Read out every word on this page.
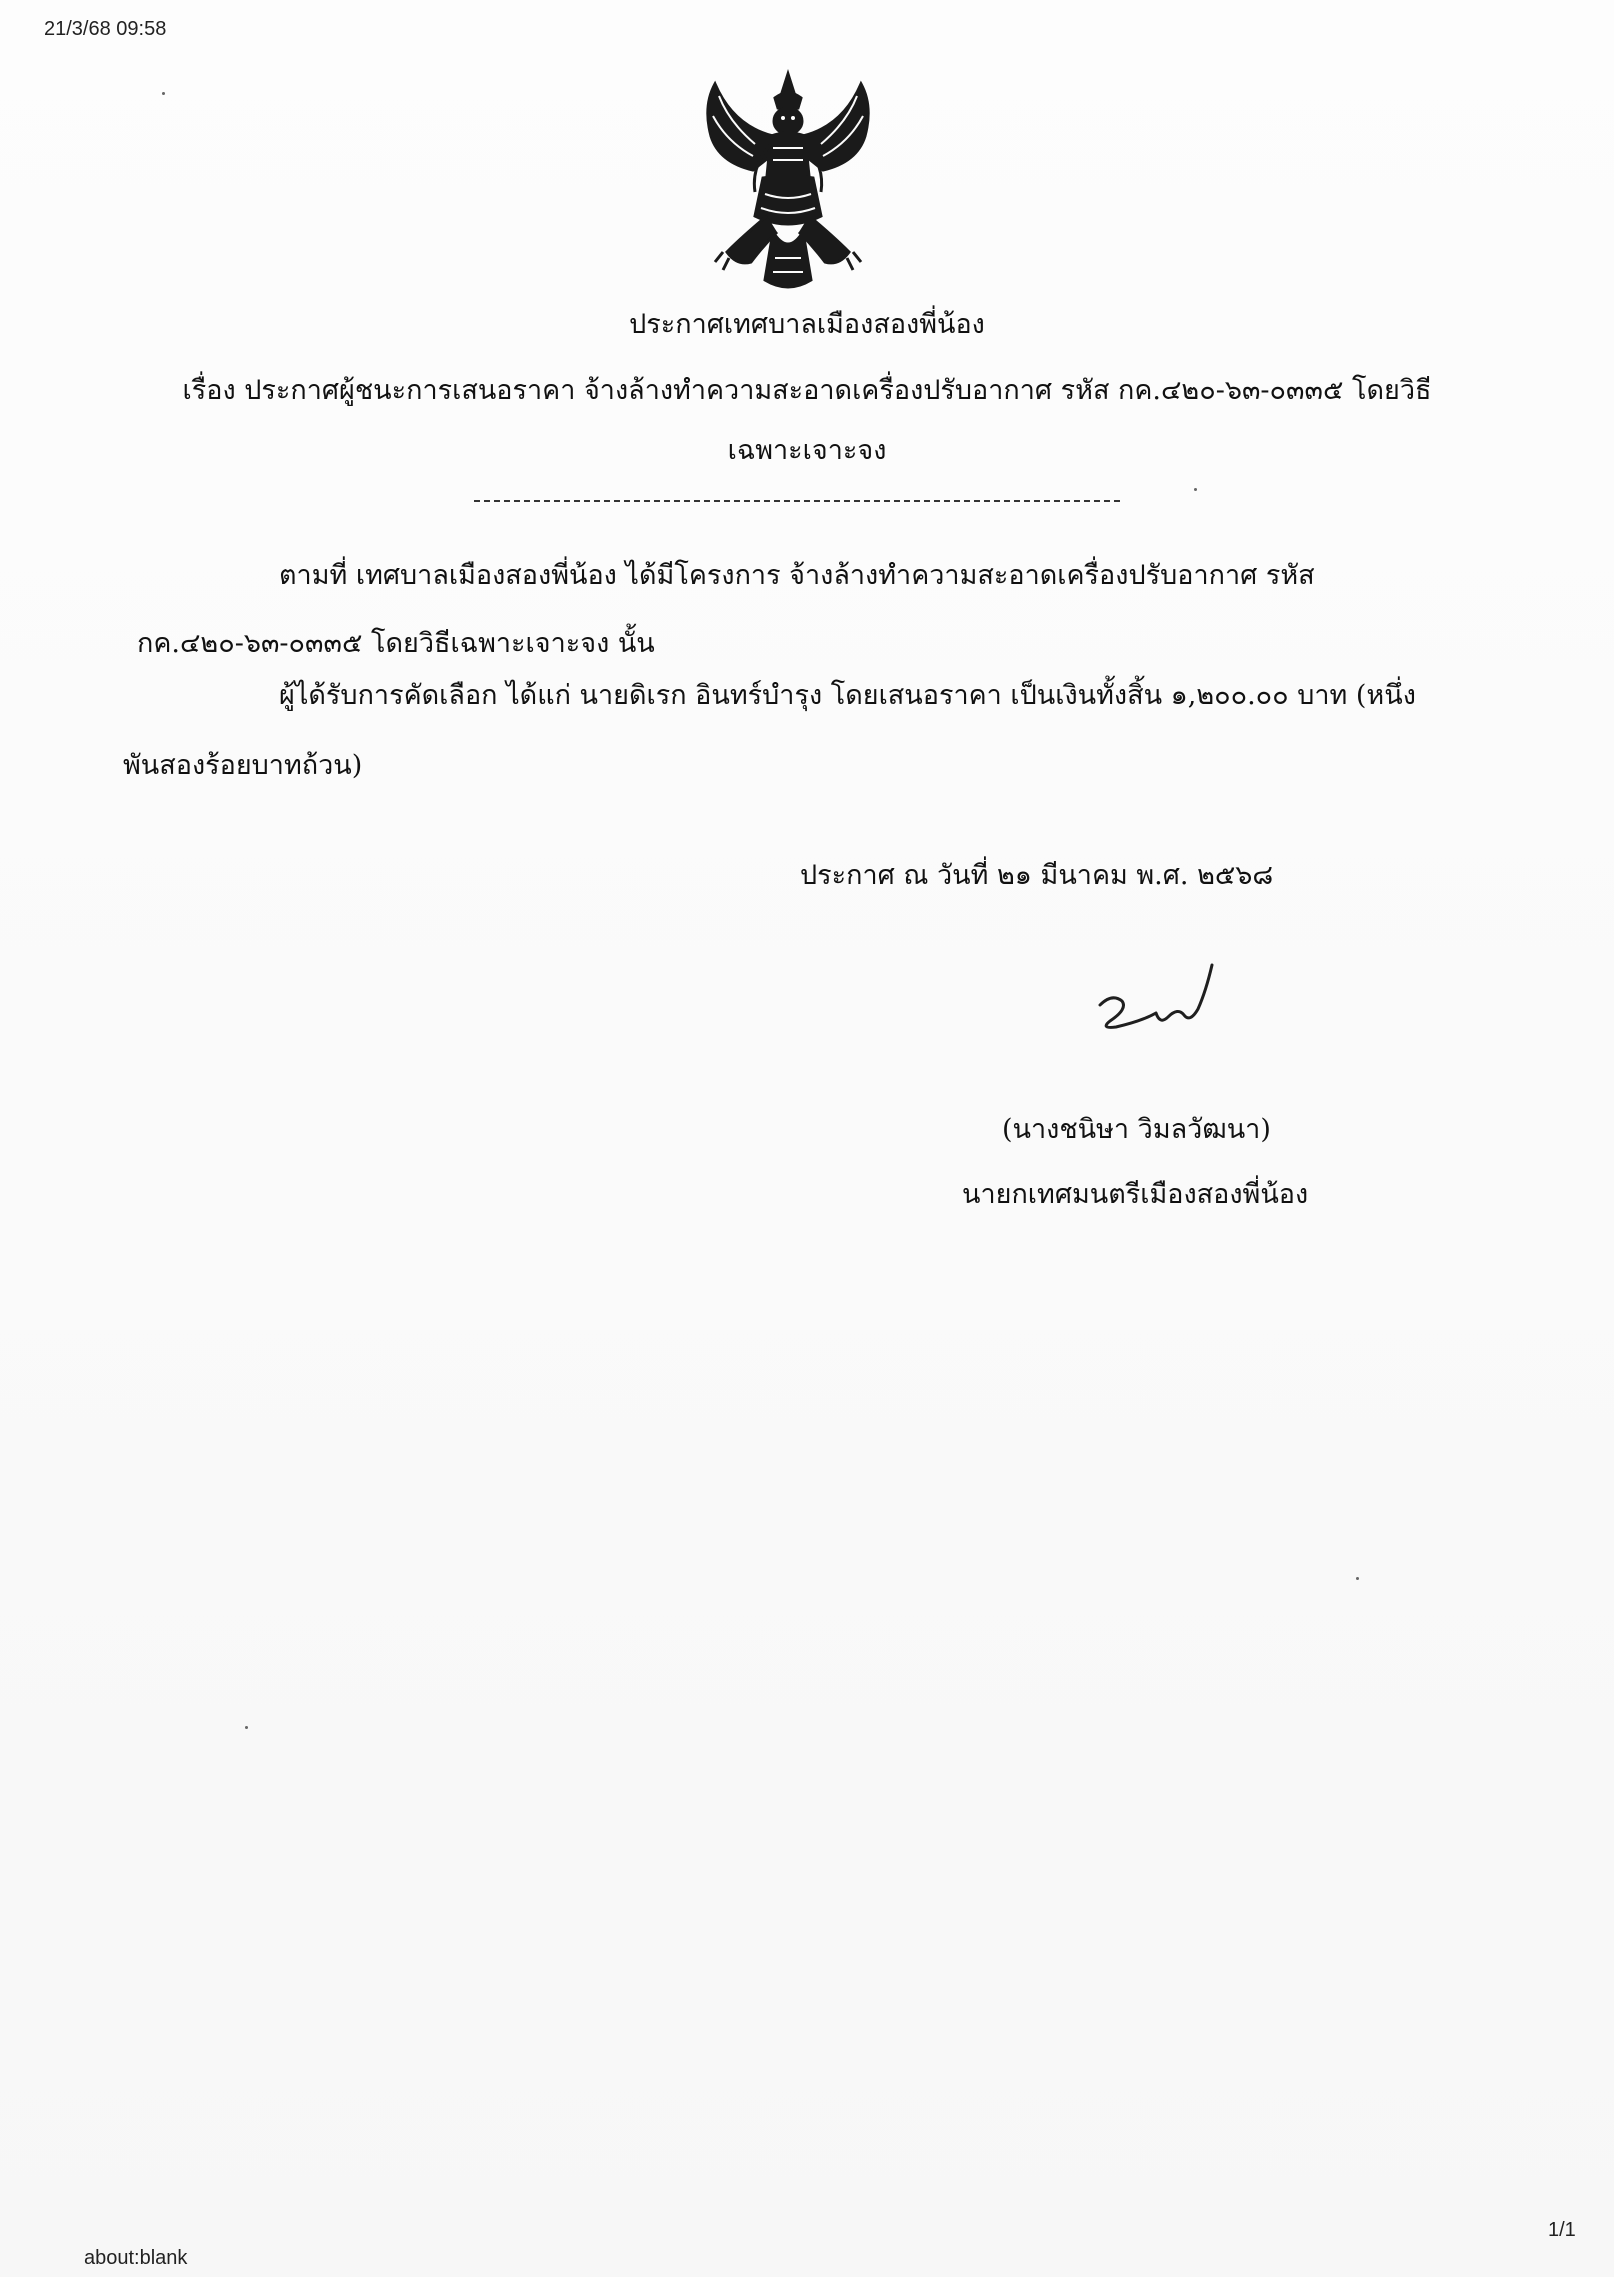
21/3/68 09:58
ประกาศเทศบาลเมืองสองพี่น้อง
เรื่อง ประกาศผู้ชนะการเสนอราคา จ้างล้างทำความสะอาดเครื่องปรับอากาศ รหัส กค.๔๒๐-๖๓-๐๓๓๕ โดยวิธี
เฉพาะเจาะจง
ตามที่ เทศบาลเมืองสองพี่น้อง ได้มีโครงการ จ้างล้างทำความสะอาดเครื่องปรับอากาศ รหัส
กค.๔๒๐-๖๓-๐๓๓๕ โดยวิธีเฉพาะเจาะจง นั้น
ผู้ได้รับการคัดเลือก ได้แก่ นายดิเรก อินทร์บำรุง โดยเสนอราคา เป็นเงินทั้งสิ้น ๑,๒๐๐.๐๐ บาท (หนึ่ง
พันสองร้อยบาทถ้วน)
ประกาศ ณ วันที่ ๒๑ มีนาคม พ.ศ. ๒๕๖๘
(นางชนิษา วิมลวัฒนา)
นายกเทศมนตรีเมืองสองพี่น้อง
1/1
about:blank
